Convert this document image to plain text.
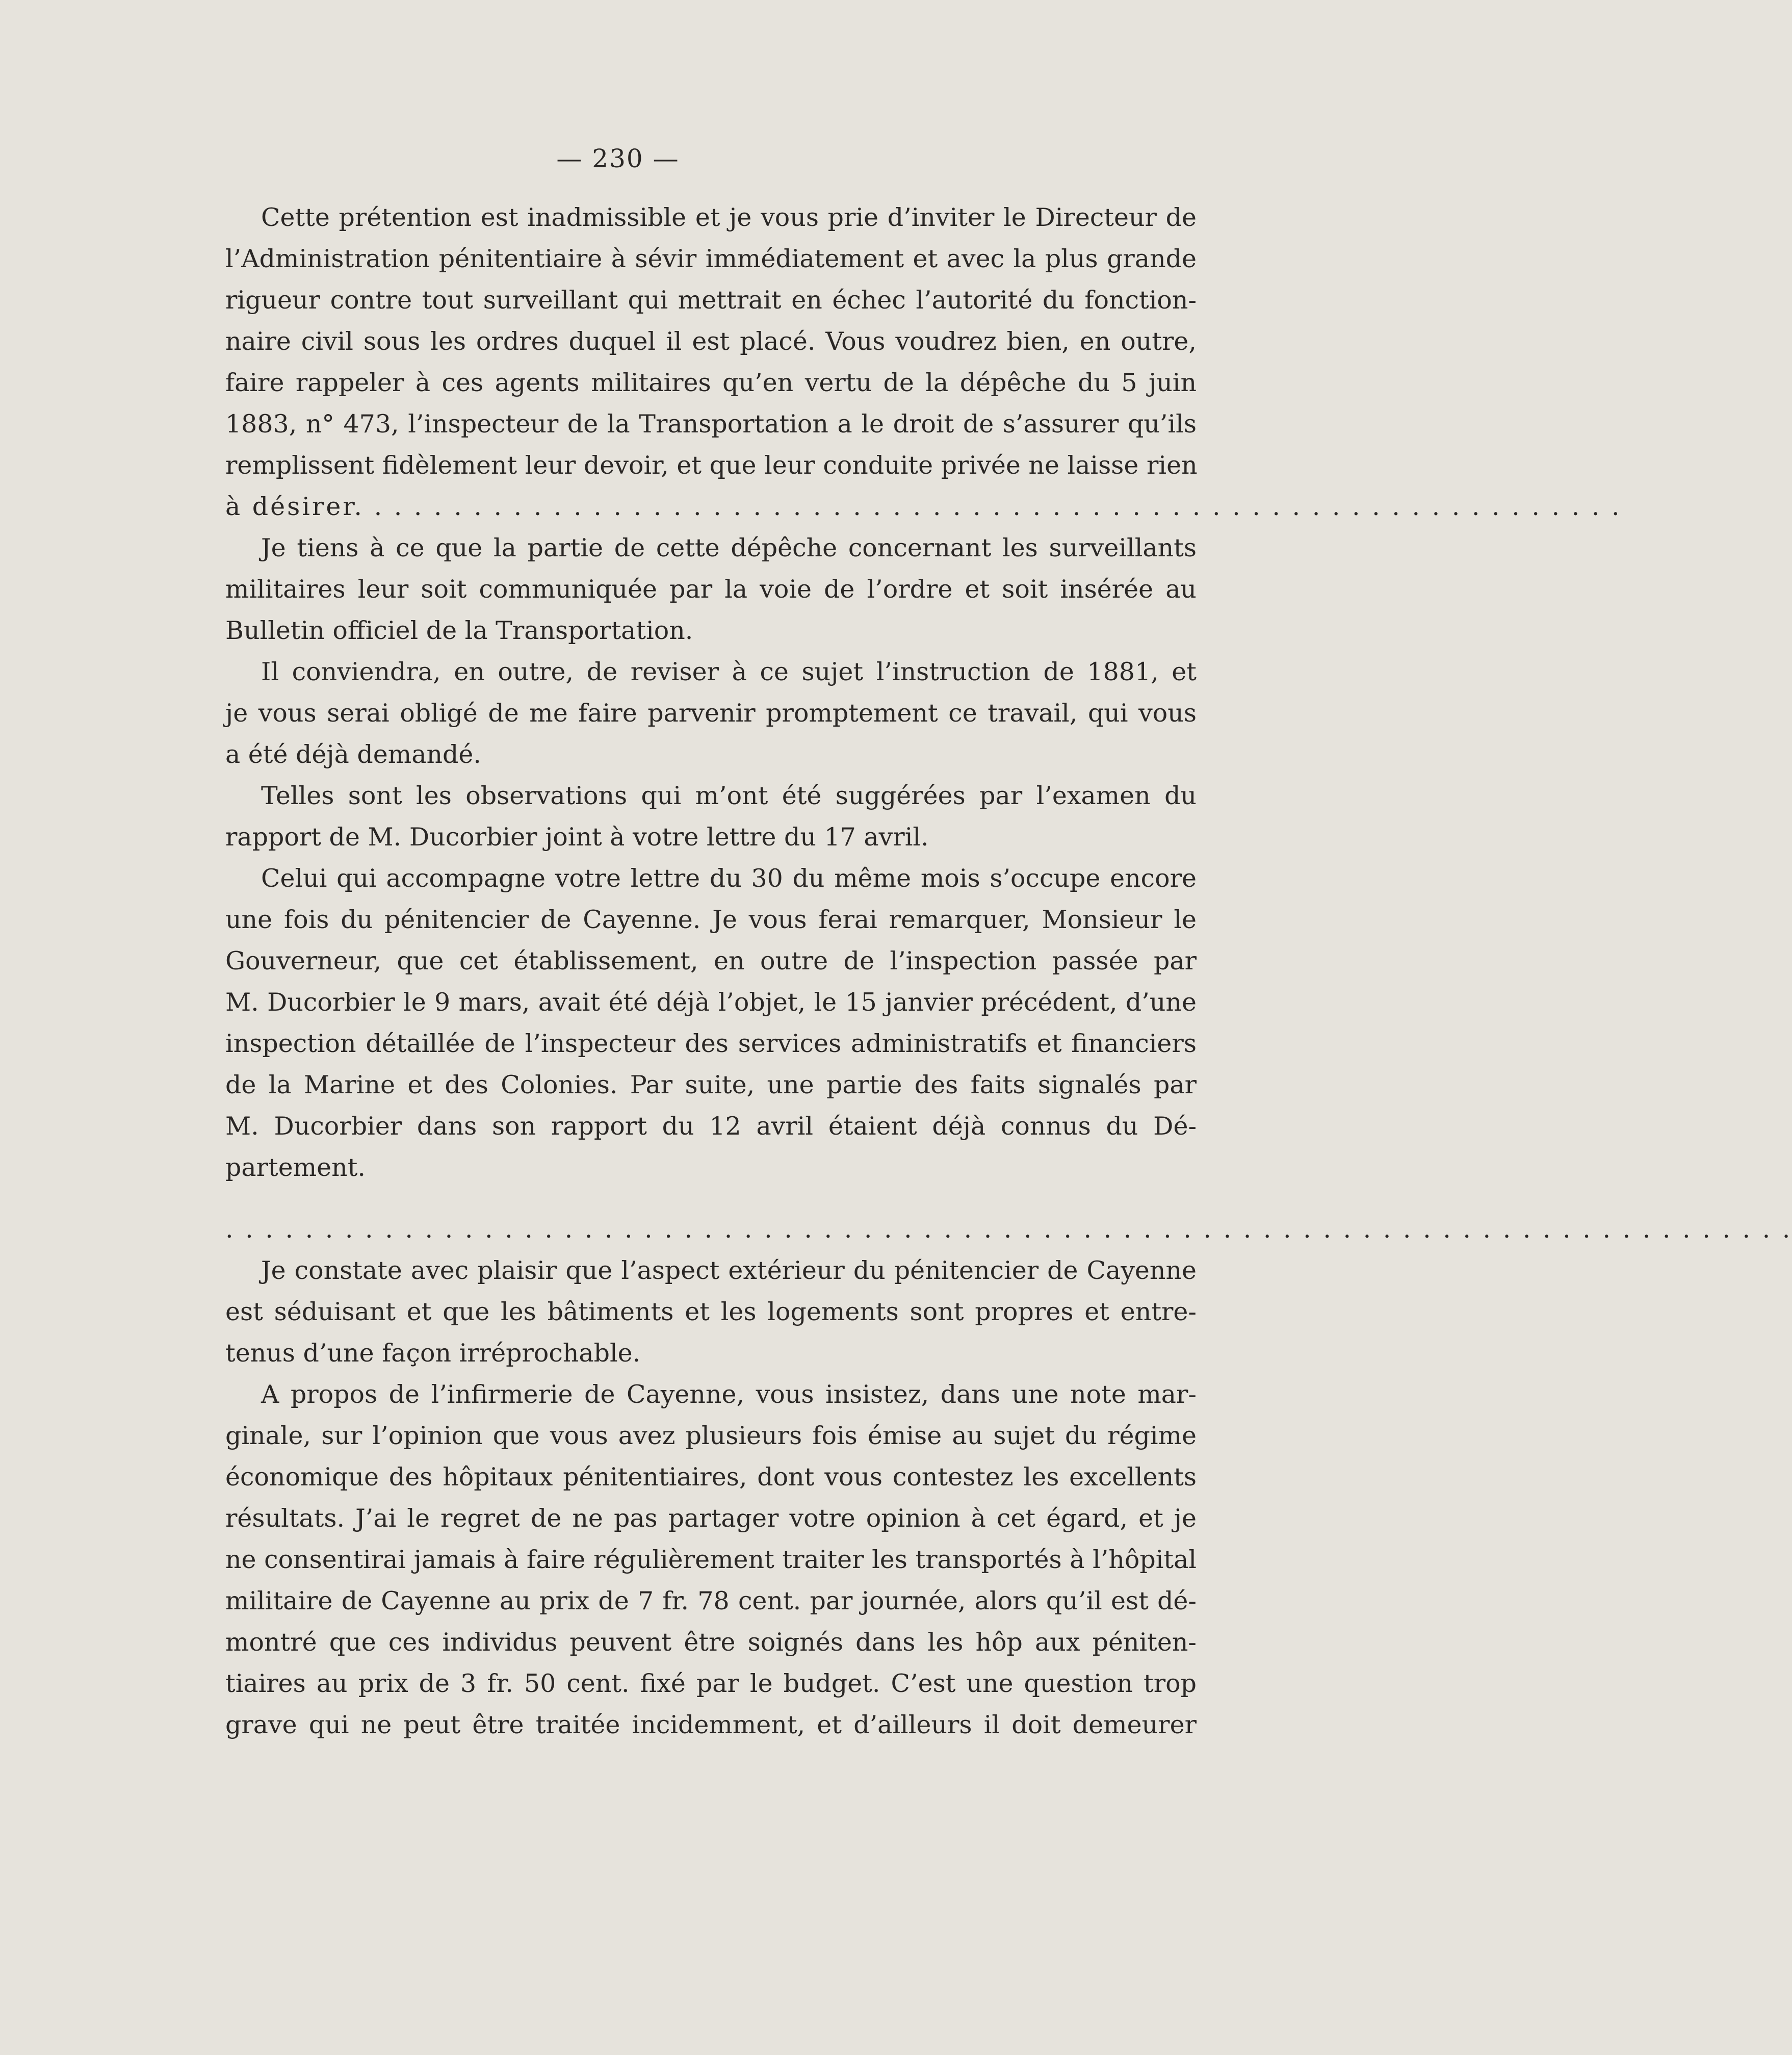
— 230 —
Cette prétention est inadmissible et je vous prie d’inviter le Directeur de
l’Administration pénitentiaire à sévir immédiatement et avec la plus grande
rigueur contre tout surveillant qui mettrait en échec l’autorité du fonction-
naire civil sous les ordres duquel il est placé. Vous voudrez bien, en outre,
faire rappeler à ces agents militaires qu’en vertu de la dépêche du 5 juin
1883, n° 473, l’inspecteur de la Transportation a le droit de s’assurer qu’ils
remplissent fidèlement leur devoir, et que leur conduite privée ne laisse rien
à désirer. . . . . . . . . . . . . . . . . . . . . . . . . . . . . . . . . . . . . . . . . . . . . . . . . . . . . . . . . . . . . . . .
Je tiens à ce que la partie de cette dépêche concernant les surveillants
militaires leur soit communiquée par la voie de l’ordre et soit insérée au
Bulletin officiel de la Transportation.
Il conviendra, en outre, de reviser à ce sujet l’instruction de 1881, et
je vous serai obligé de me faire parvenir promptement ce travail, qui vous
a été déjà demandé.
Telles sont les observations qui m’ont été suggérées par l’examen du
rapport de M. Ducorbier joint à votre lettre du 17 avril.
Celui qui accompagne votre lettre du 30 du même mois s’occupe encore
une fois du pénitencier de Cayenne. Je vous ferai remarquer, Monsieur le
Gouverneur, que cet établissement, en outre de l’inspection passée par
M. Ducorbier le 9 mars, avait été déjà l’objet, le 15 janvier précédent, d’une
inspection détaillée de l’inspecteur des services administratifs et financiers
de la Marine et des Colonies. Par suite, une partie des faits signalés par
M. Ducorbier dans son rapport du 12 avril étaient déjà connus du Dé-
partement.
. . . . . . . . . . . . . . . . . . . . . . . . . . . . . . . . . . . . . . . . . . . . . . . . . . . . . . . . . . . . . . . . . . . . . . . . . . . . . . .
Je constate avec plaisir que l’aspect extérieur du pénitencier de Cayenne
est séduisant et que les bâtiments et les logements sont propres et entre-
tenus d’une façon irréprochable.
A propos de l’infirmerie de Cayenne, vous insistez, dans une note mar-
ginale, sur l’opinion que vous avez plusieurs fois émise au sujet du régime
économique des hôpitaux pénitentiaires, dont vous contestez les excellents
résultats. J’ai le regret de ne pas partager votre opinion à cet égard, et je
ne consentirai jamais à faire régulièrement traiter les transportés à l’hôpital
militaire de Cayenne au prix de 7 fr. 78 cent. par journée, alors qu’il est dé-
montré que ces individus peuvent être soignés dans les hôp aux péniten-
tiaires au prix de 3 fr. 50 cent. fixé par le budget. C’est une question trop
grave qui ne peut être traitée incidemment, et d’ailleurs il doit demeurer
